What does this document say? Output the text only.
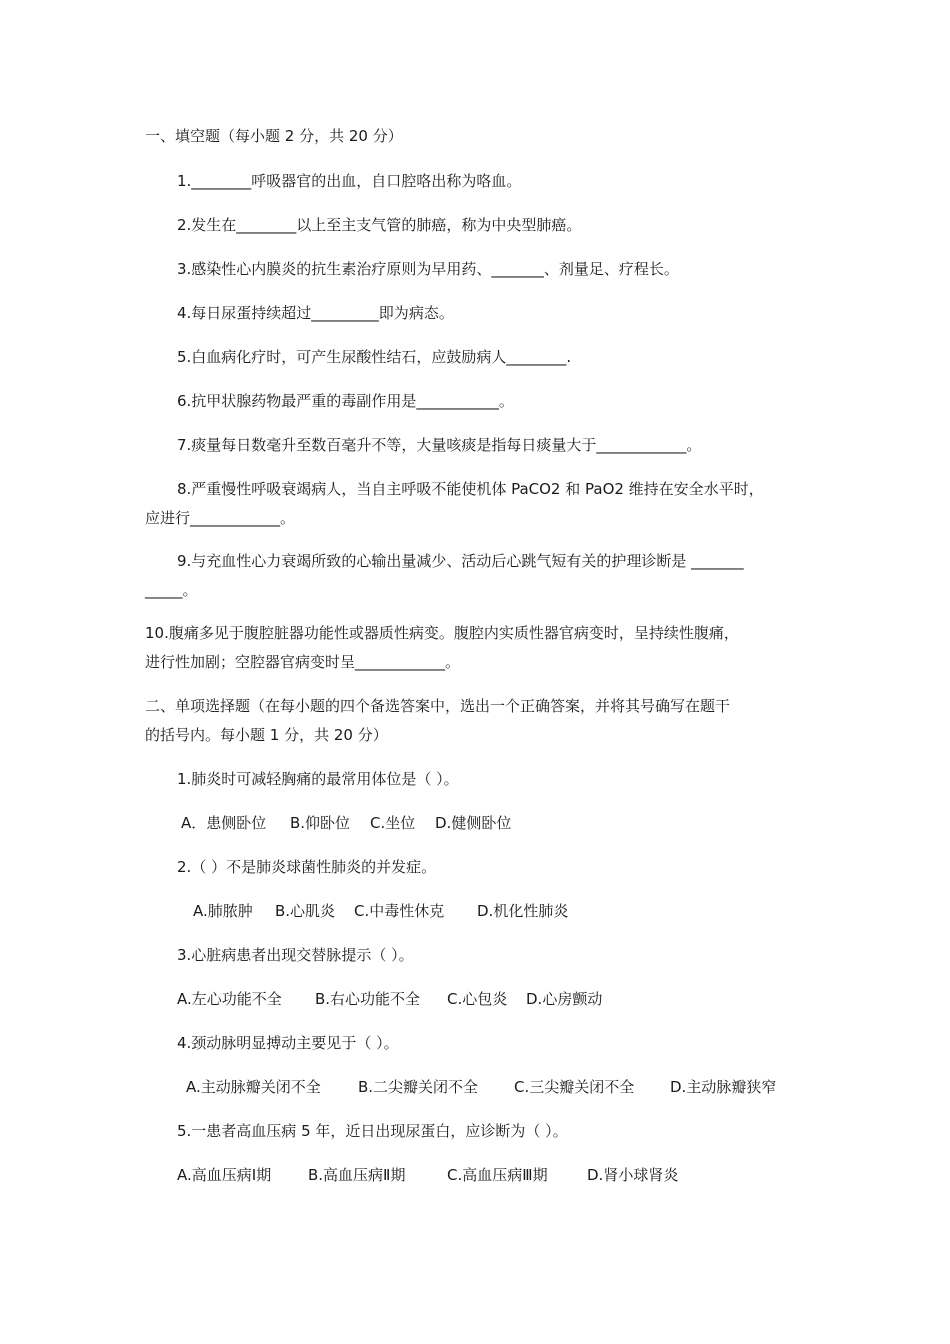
一、填空题（每小题 2 分，共 20 分）
1.________呼吸器官的出血，自口腔咯出称为咯血。
2.发生在________以上至主支气管的肺癌，称为中央型肺癌。
3.感染性心内膜炎的抗生素治疗原则为早用药、_______、剂量足、疗程长。
4.每日尿蛋持续超过_________即为病态。
5.白血病化疗时，可产生尿酸性结石，应鼓励病人________.
6.抗甲状腺药物最严重的毒副作用是___________。
7.痰量每日数毫升至数百毫升不等，大量咳痰是指每日痰量大于____________。
8.严重慢性呼吸衰竭病人，当自主呼吸不能使机体 PaCO2 和 PaO2 维持在安全水平时，
应进行____________。
9.与充血性心力衰竭所致的心输出量减少、活动后心跳气短有关的护理诊断是 _______
_____。
10.腹痛多见于腹腔脏器功能性或器质性病变。腹腔内实质性器官病变时，呈持续性腹痛，
进行性加剧；空腔器官病变时呈____________。
二、单项选择题（在每小题的四个备选答案中，选出一个正确答案，并将其号确写在题干
的括号内。每小题 1 分，共 20 分）
1.肺炎时可减轻胸痛的最常用体位是（ ）。
A．患侧卧位 B.仰卧位 C.坐位 D.健侧卧位
2.（ ）不是肺炎球菌性肺炎的并发症。
A.肺脓肿 B.心肌炎 C.中毒性休克 D.机化性肺炎
3.心脏病患者出现交替脉提示（ ）。
A.左心功能不全 B.右心功能不全 C.心包炎 D.心房颤动
4.颈动脉明显搏动主要见于（ ）。
A.主动脉瓣关闭不全 B.二尖瓣关闭不全 C.三尖瓣关闭不全 D.主动脉瓣狭窄
5.一患者高血压病 5 年，近日出现尿蛋白，应诊断为（ ）。
A.高血压病Ⅰ期 B.高血压病Ⅱ期	C.高血压病Ⅲ期	D.肾小球肾炎
